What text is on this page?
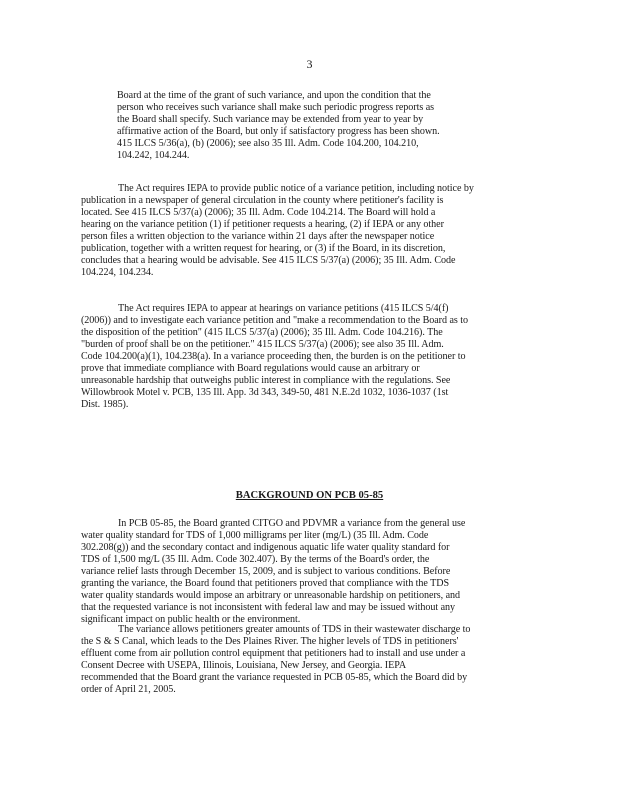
3
Board at the time of the grant of such variance, and upon the condition that the
person who receives such variance shall make such periodic progress reports as
the Board shall specify. Such variance may be extended from year to year by
affirmative action of the Board, but only if satisfactory progress has been shown.
415 ILCS 5/36(a), (b) (2006); see also 35 Ill. Adm. Code 104.200, 104.210,
104.242, 104.244.
The Act requires IEPA to provide public notice of a variance petition, including notice by
publication in a newspaper of general circulation in the county where petitioner's facility is
located. See 415 ILCS 5/37(a) (2006); 35 Ill. Adm. Code 104.214. The Board will hold a
hearing on the variance petition (1) if petitioner requests a hearing, (2) if IEPA or any other
person files a written objection to the variance within 21 days after the newspaper notice
publication, together with a written request for hearing, or (3) if the Board, in its discretion,
concludes that a hearing would be advisable. See 415 ILCS 5/37(a) (2006); 35 Ill. Adm. Code
104.224, 104.234.
The Act requires IEPA to appear at hearings on variance petitions (415 ILCS 5/4(f)
(2006)) and to investigate each variance petition and "make a recommendation to the Board as to
the disposition of the petition" (415 ILCS 5/37(a) (2006); 35 Ill. Adm. Code 104.216). The
"burden of proof shall be on the petitioner." 415 ILCS 5/37(a) (2006); see also 35 Ill. Adm.
Code 104.200(a)(1), 104.238(a). In a variance proceeding then, the burden is on the petitioner to
prove that immediate compliance with Board regulations would cause an arbitrary or
unreasonable hardship that outweighs public interest in compliance with the regulations. See
Willowbrook Motel v. PCB, 135 Ill. App. 3d 343, 349-50, 481 N.E.2d 1032, 1036-1037 (1st
Dist. 1985).
BACKGROUND ON PCB 05-85
In PCB 05-85, the Board granted CITGO and PDVMR a variance from the general use
water quality standard for TDS of 1,000 milligrams per liter (mg/L) (35 Ill. Adm. Code
302.208(g)) and the secondary contact and indigenous aquatic life water quality standard for
TDS of 1,500 mg/L (35 Ill. Adm. Code 302.407). By the terms of the Board's order, the
variance relief lasts through December 15, 2009, and is subject to various conditions. Before
granting the variance, the Board found that petitioners proved that compliance with the TDS
water quality standards would impose an arbitrary or unreasonable hardship on petitioners, and
that the requested variance is not inconsistent with federal law and may be issued without any
significant impact on public health or the environment.
The variance allows petitioners greater amounts of TDS in their wastewater discharge to
the S & S Canal, which leads to the Des Plaines River. The higher levels of TDS in petitioners'
effluent come from air pollution control equipment that petitioners had to install and use under a
Consent Decree with USEPA, Illinois, Louisiana, New Jersey, and Georgia. IEPA
recommended that the Board grant the variance requested in PCB 05-85, which the Board did by
order of April 21, 2005.
